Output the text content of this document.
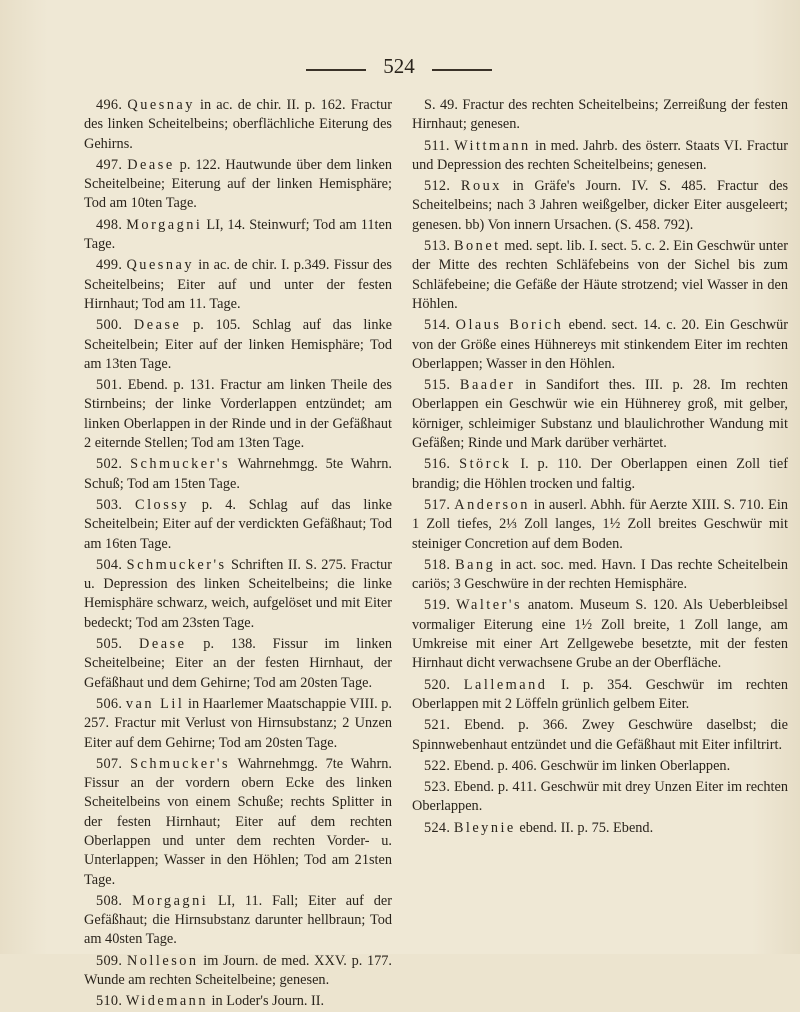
524

496. Quesnay in ac. de chir. II. p. 162. Fractur des linken Scheitelbeins; oberflächliche Eiterung des Gehirns.

497. Dease p. 122. Hautwunde über dem linken Scheitelbeine; Eiterung auf der linken Hemisphäre; Tod am 10ten Tage.

498. Morgagni LI, 14. Steinwurf; Tod am 11ten Tage.

499. Quesnay in ac. de chir. I. p.349. Fissur des Scheitelbeins; Eiter auf und unter der festen Hirnhaut; Tod am 11. Tage.

500. Dease p. 105. Schlag auf das linke Scheitelbein; Eiter auf der linken Hemisphäre; Tod am 13ten Tage.

501. Ebend. p. 131. Fractur am linken Theile des Stirnbeins; der linke Vorderlappen entzündet; am linken Oberlappen in der Rinde und in der Gefäßhaut 2 eiternde Stellen; Tod am 13ten Tage.

502. Schmucker's Wahrnehmgg. 5te Wahrn. Schuß; Tod am 15ten Tage.

503. Clossy p. 4. Schlag auf das linke Scheitelbein; Eiter auf der verdickten Gefäßhaut; Tod am 16ten Tage.

504. Schmucker's Schriften II. S. 275. Fractur u. Depression des linken Scheitelbeins; die linke Hemisphäre schwarz, weich, aufgelöset und mit Eiter bedeckt; Tod am 23sten Tage.

505. Dease p. 138. Fissur im linken Scheitelbeine; Eiter an der festen Hirnhaut, der Gefäßhaut und dem Gehirne; Tod am 20sten Tage.

506. van Lil in Haarlemer Maatschappie VIII. p. 257. Fractur mit Verlust von Hirnsubstanz; 2 Unzen Eiter auf dem Gehirne; Tod am 20sten Tage.

507. Schmucker's Wahrnehmgg. 7te Wahrn. Fissur an der vordern obern Ecke des linken Scheitelbeins von einem Schuße; rechts Splitter in der festen Hirnhaut; Eiter auf dem rechten Oberlappen und unter dem rechten Vorder- u. Unterlappen; Wasser in den Höhlen; Tod am 21sten Tage.

508. Morgagni LI, 11. Fall; Eiter auf der Gefäßhaut; die Hirnsubstanz darunter hellbraun; Tod am 40sten Tage.

509. Nolleson im Journ. de med. XXV. p. 177. Wunde am rechten Scheitelbeine; genesen.

510. Widemann in Loder's Journ. II.

S. 49. Fractur des rechten Scheitelbeins; Zerreißung der festen Hirnhaut; genesen.

511. Wittmann in med. Jahrb. des österr. Staats VI. Fractur und Depression des rechten Scheitelbeins; genesen.

512. Roux in Gräfe's Journ. IV. S. 485. Fractur des Scheitelbeins; nach 3 Jahren weißgelber, dicker Eiter ausgeleert; genesen. bb) Von innern Ursachen. (S. 458. 792).

513. Bonet med. sept. lib. I. sect. 5. c. 2. Ein Geschwür unter der Mitte des rechten Schläfebeins von der Sichel bis zum Schläfebeine; die Gefäße der Häute strotzend; viel Wasser in den Höhlen.

514. Olaus Borich ebend. sect. 14. c. 20. Ein Geschwür von der Größe eines Hühnereys mit stinkendem Eiter im rechten Oberlappen; Wasser in den Höhlen.

515. Baader in Sandifort thes. III. p. 28. Im rechten Oberlappen ein Geschwür wie ein Hühnerey groß, mit gelber, körniger, schleimiger Substanz und blaulichrother Wandung mit Gefäßen; Rinde und Mark darüber verhärtet.

516. Störck I. p. 110. Der Oberlappen einen Zoll tief brandig; die Höhlen trocken und faltig.

517. Anderson in auserl. Abhh. für Aerzte XIII. S. 710. Ein 1 Zoll tiefes, 2⅓ Zoll langes, 1½ Zoll breites Geschwür mit steiniger Concretion auf dem Boden.

518. Bang in act. soc. med. Havn. I Das rechte Scheitelbein cariös; 3 Geschwüre in der rechten Hemisphäre.

519. Walter's anatom. Museum S. 120. Als Ueberbleibsel vormaliger Eiterung eine 1½ Zoll breite, 1 Zoll lange, am Umkreise mit einer Art Zellgewebe besetzte, mit der festen Hirnhaut dicht verwachsene Grube an der Oberfläche.

520. Lallemand I. p. 354. Geschwür im rechten Oberlappen mit 2 Löffeln grünlich gelbem Eiter.

521. Ebend. p. 366. Zwey Geschwüre daselbst; die Spinnwebenhaut entzündet und die Gefäßhaut mit Eiter infiltrirt.

522. Ebend. p. 406. Geschwür im linken Oberlappen.

523. Ebend. p. 411. Geschwür mit drey Unzen Eiter im rechten Oberlappen.

524. Bleynie ebend. II. p. 75. Ebend.
